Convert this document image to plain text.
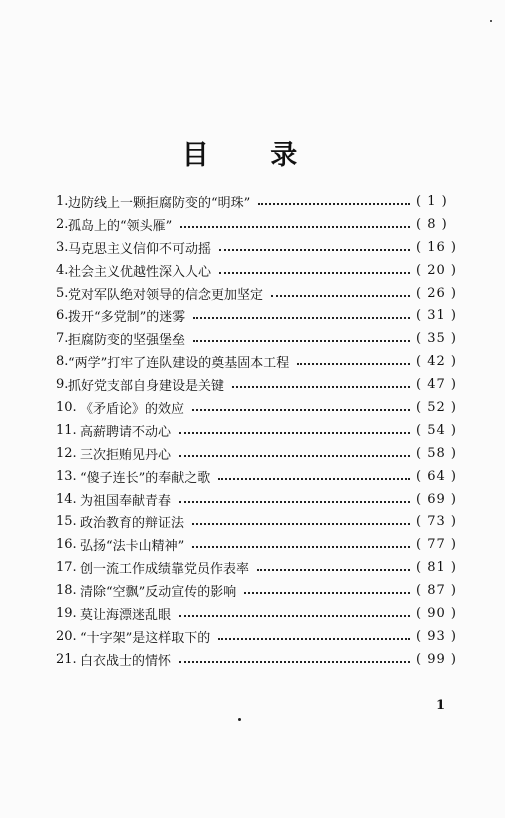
目 录
1. 边防线上一颗拒腐防变的“明珠”	( 1 )
2. 孤岛上的“领头雁”	( 8 )
3. 马克思主义信仰不可动摇	( 16 )
4. 社会主义优越性深入人心	( 20 )
5. 党对军队绝对领导的信念更加坚定	( 26 )
6. 拨开“多党制”的迷雾	( 31 )
7. 拒腐防变的坚强堡垒	( 35 )
8. “两学”打牢了连队建设的奠基固本工程	( 42 )
9. 抓好党支部自身建设是关键	( 47 )
10. 《矛盾论》的效应	( 52 )
11. 高薪聘请不动心	( 54 )
12. 三次拒贿见丹心	( 58 )
13. “傻子连长”的奉献之歌	( 64 )
14. 为祖国奉献青春	( 69 )
15. 政治教育的辩证法	( 73 )
16. 弘扬“法卡山精神”	( 77 )
17. 创一流工作成绩靠党员作表率	( 81 )
18. 清除“空飘”反动宣传的影响	( 87 )
19. 莫让海漂迷乱眼	( 90 )
20. “十字架”是这样取下的	( 93 )
21. 白衣战士的情怀	( 99 )
1
